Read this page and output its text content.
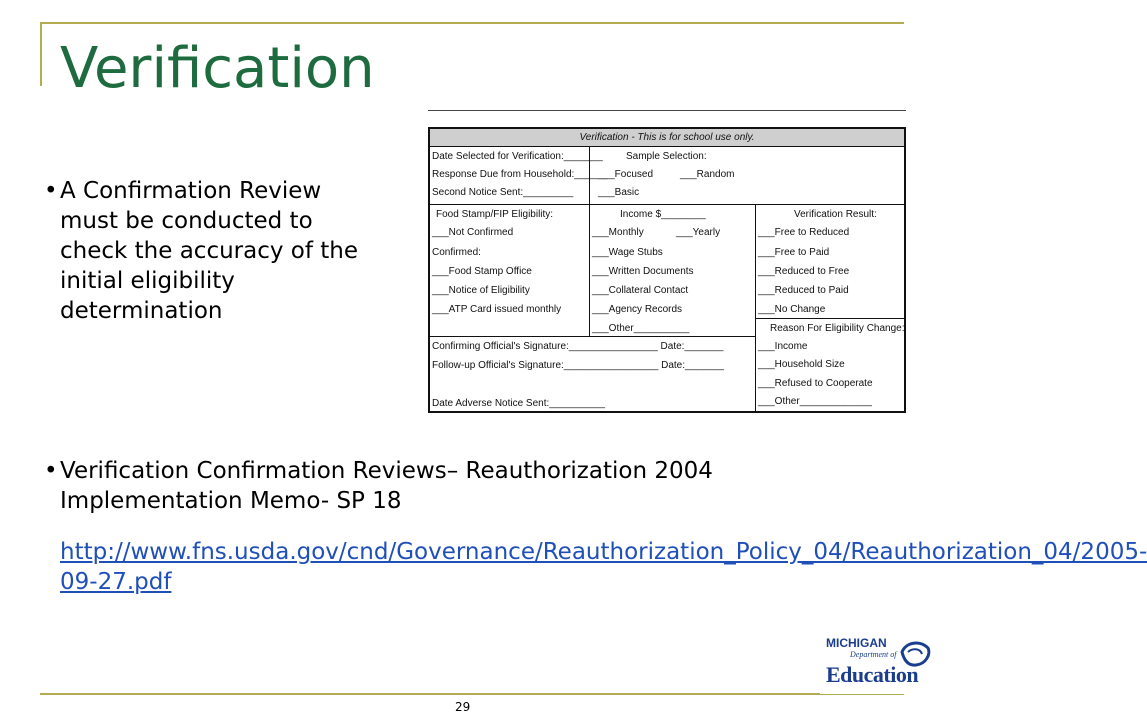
Verification
• A Confirmation Review must be conducted to check the accuracy of the initial eligibility determination
• Verification Confirmation Reviews– Reauthorization 2004 Implementation Memo- SP 18
http://www.fns.usda.gov/cnd/Governance/Reauthorization_Policy_04/Reauthorization_04/2005-09-27.pdf
Verification - This is for school use only.
Date Selected for Verification:_______
Response Due from Household:______
Second Notice Sent:_________
Sample Selection:
___Focused	___Random
___Basic
Food Stamp/FIP Eligibility:
___Not Confirmed
Confirmed:
___Food Stamp Office
___Notice of Eligibility
___ATP Card issued monthly
Income $________
___Monthly	___Yearly
___Wage Stubs
___Written Documents
___Collateral Contact
___Agency Records
___Other__________
Verification Result:
___Free to Reduced
___Free to Paid
___Reduced to Free
___Reduced to Paid
___No Change
Confirming Official's Signature:________________ Date:_______
Follow-up Official's Signature:_________________ Date:_______
Date Adverse Notice Sent:__________
Reason For Eligibility Change:
___Income
___Household Size
___Refused to Cooperate
___Other_____________
29
MICHIGAN
Department of
Education
